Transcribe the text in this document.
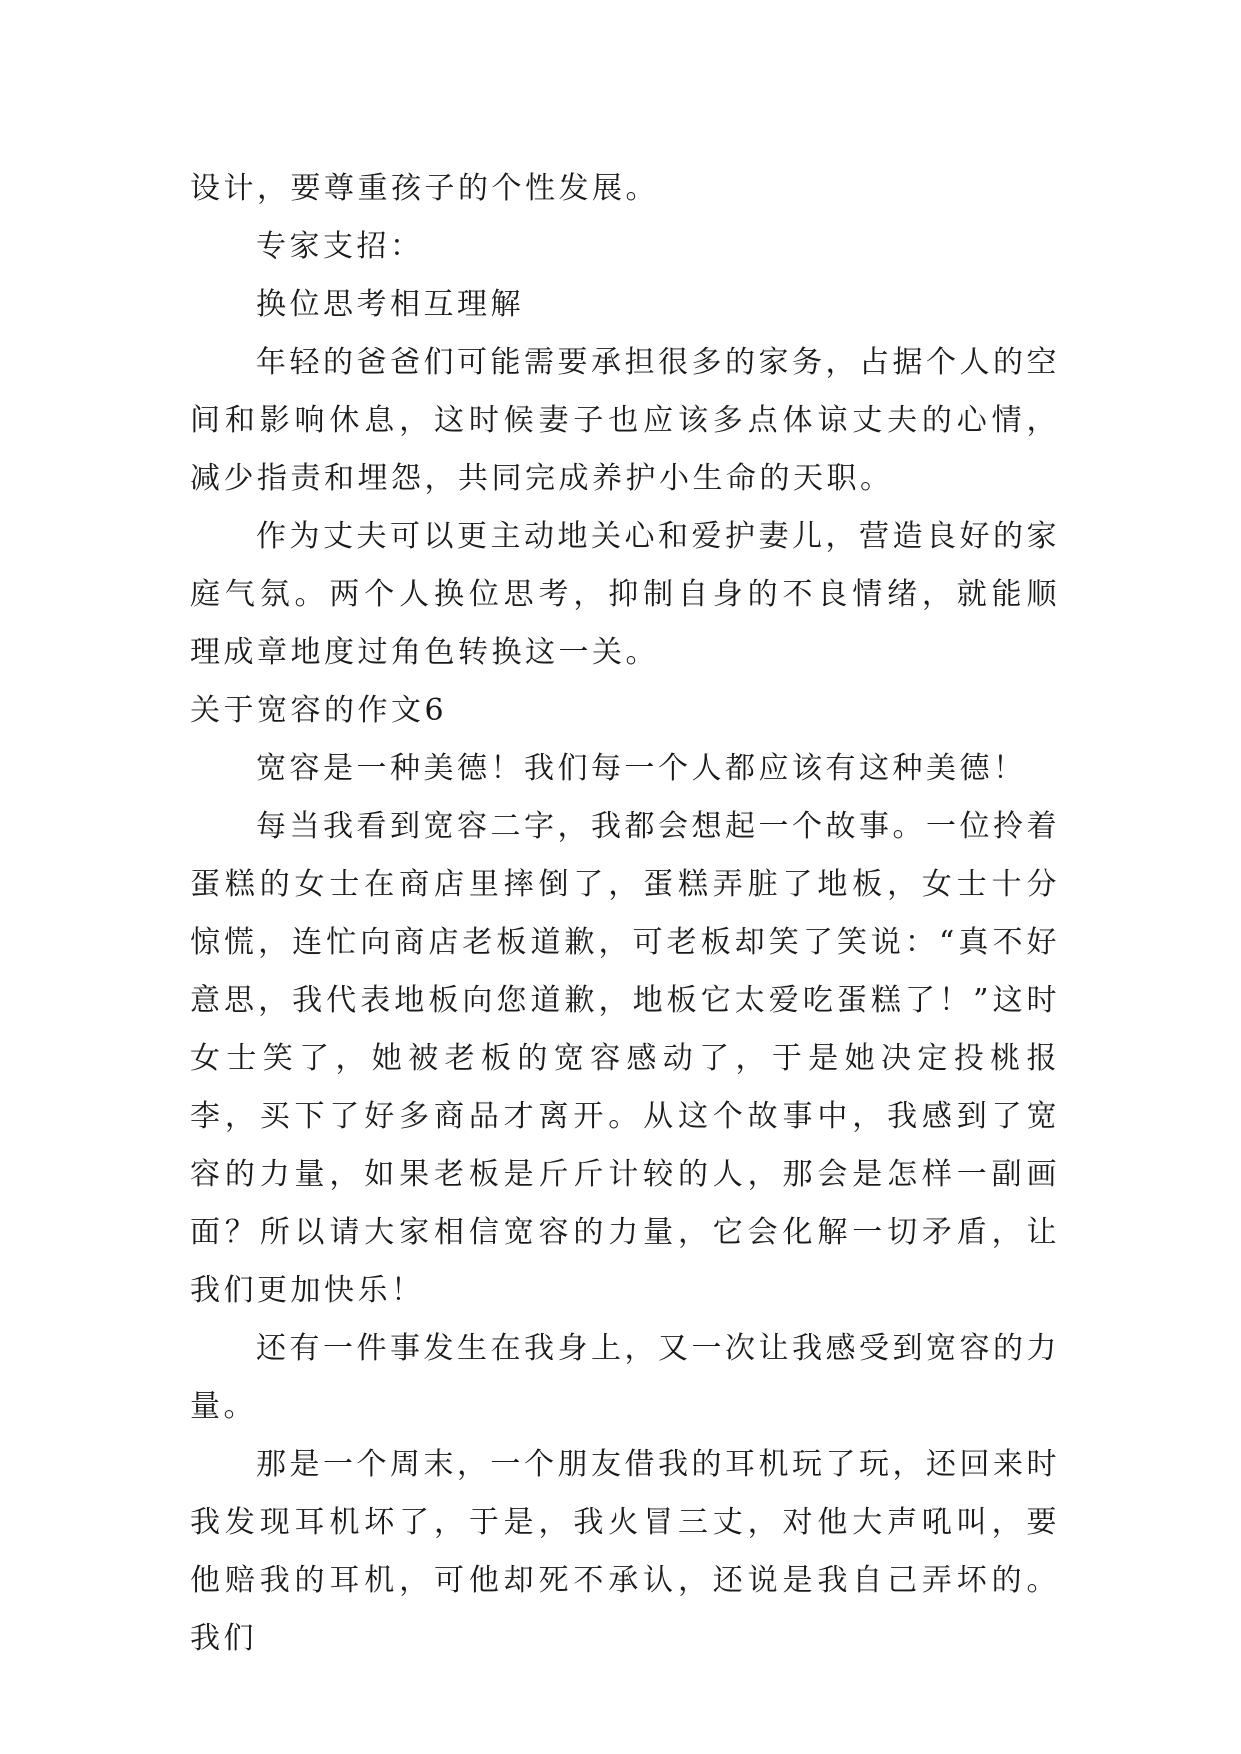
设计，要尊重孩子的个性发展。

专家支招：

换位思考相互理解

年轻的爸爸们可能需要承担很多的家务，占据个人的空间和影响休息，这时候妻子也应该多点体谅丈夫的心情，减少指责和埋怨，共同完成养护小生命的天职。

作为丈夫可以更主动地关心和爱护妻儿，营造良好的家庭气氛。两个人换位思考，抑制自身的不良情绪，就能顺理成章地度过角色转换这一关。

关于宽容的作文6

宽容是一种美德！我们每一个人都应该有这种美德！

每当我看到宽容二字，我都会想起一个故事。一位拎着蛋糕的女士在商店里摔倒了，蛋糕弄脏了地板，女士十分惊慌，连忙向商店老板道歉，可老板却笑了笑说：“真不好意思，我代表地板向您道歉，地板它太爱吃蛋糕了！”这时女士笑了，她被老板的宽容感动了，于是她决定投桃报李，买下了好多商品才离开。从这个故事中，我感到了宽容的力量，如果老板是斤斤计较的人，那会是怎样一副画面？所以请大家相信宽容的力量，它会化解一切矛盾，让我们更加快乐！

还有一件事发生在我身上，又一次让我感受到宽容的力量。

那是一个周末，一个朋友借我的耳机玩了玩，还回来时我发现耳机坏了，于是，我火冒三丈，对他大声吼叫，要他赔我的耳机，可他却死不承认，还说是我自己弄坏的。我们
